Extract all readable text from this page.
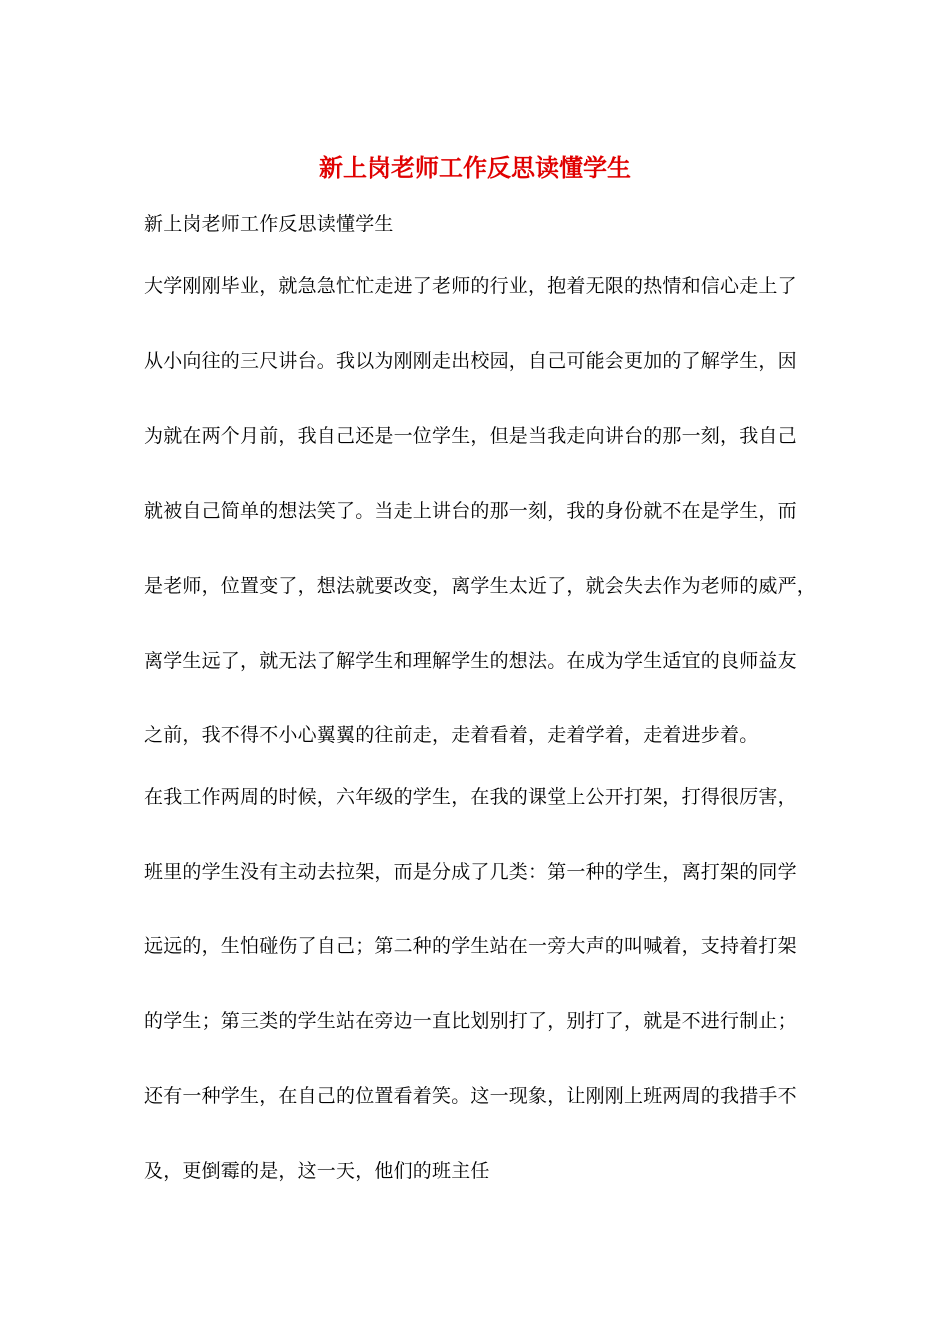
新上岗老师工作反思读懂学生
新上岗老师工作反思读懂学生
大学刚刚毕业，就急急忙忙走进了老师的行业，抱着无限的热情和信心走上了
从小向往的三尺讲台。我以为刚刚走出校园，自己可能会更加的了解学生，因
为就在两个月前，我自己还是一位学生，但是当我走向讲台的那一刻，我自己
就被自己简单的想法笑了。当走上讲台的那一刻，我的身份就不在是学生，而
是老师，位置变了，想法就要改变，离学生太近了，就会失去作为老师的威严，
离学生远了，就无法了解学生和理解学生的想法。在成为学生适宜的良师益友
之前，我不得不小心翼翼的往前走，走着看着，走着学着，走着进步着。
在我工作两周的时候，六年级的学生，在我的课堂上公开打架，打得很厉害，
班里的学生没有主动去拉架，而是分成了几类：第一种的学生，离打架的同学
远远的，生怕碰伤了自己；第二种的学生站在一旁大声的叫喊着，支持着打架
的学生；第三类的学生站在旁边一直比划别打了，别打了，就是不进行制止；
还有一种学生，在自己的位置看着笑。这一现象，让刚刚上班两周的我措手不
及，更倒霉的是，这一天，他们的班主任
